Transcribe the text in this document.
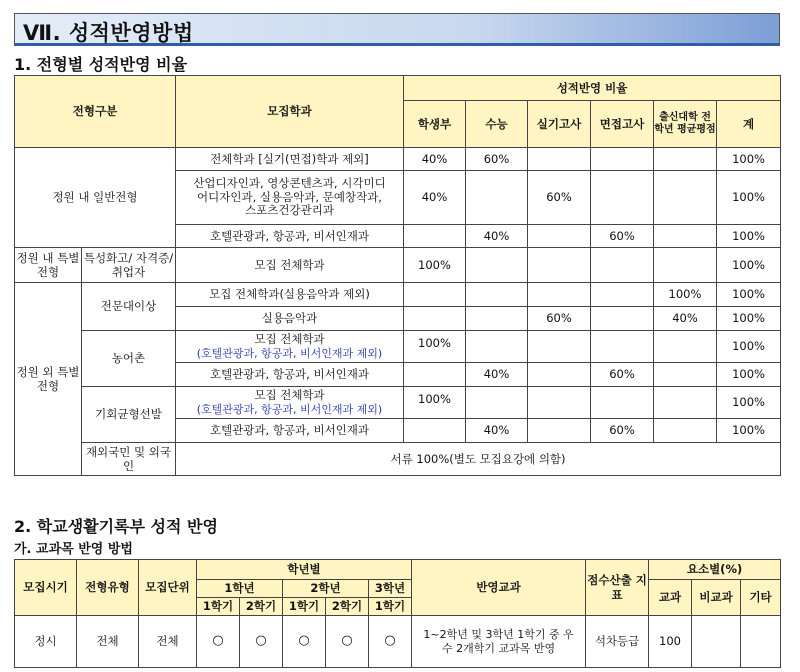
Ⅶ. 성적반영방법
1. 전형별 성적반영 비율
전형구분		모집학과	성적반영 비율					
			학생부	수능	실기고사	면접고사	출신대학 전 학년 평균평점	계
정원 내 일반전형		전체학과 [실기(면접)학과 제외]	40%	60%				100%
		산업디자인과, 영상콘텐츠과, 시각미디어디자인과, 실용음악과, 문예창작과, 스포츠건강관리과	40%		60%			100%
		호텔관광과, 항공과, 비서인재과		40%		60%		100%
정원 내 특별전형	특성화고/ 자격증/취업자	모집 전체학과	100%					100%
정원 외 특별전형	전문대이상	모집 전체학과(실용음악과 제외)					100%	100%
		실용음악과			60%		40%	100%
	농어촌	모집 전체학과
(호텔관광과, 항공과, 비서인재과 제외)	100%					100%
		호텔관광과, 항공과, 비서인재과		40%		60%		100%
	기회균형선발	모집 전체학과
(호텔관광과, 항공과, 비서인재과 제외)	100%					100%
		호텔관광과, 항공과, 비서인재과		40%		60%		100%
	재외국민 및 외국인	서류 100%(별도 모집요강에 의함)						
2. 학교생활기록부 성적 반영
가. 교과목 반영 방법
모집시기	전형유형	모집단위	학년별					반영교과	점수산출 지표	요소별(%)		
			1학년		2학년		3학년			교과	비교과	기타
			1학기	2학기	1학기	2학기	1학기					
정시	전체	전체	○	○	○	○	○	1~2학년 및 3학년 1학기 중 우수 2개학기 교과목 반영	석차등급	100		
